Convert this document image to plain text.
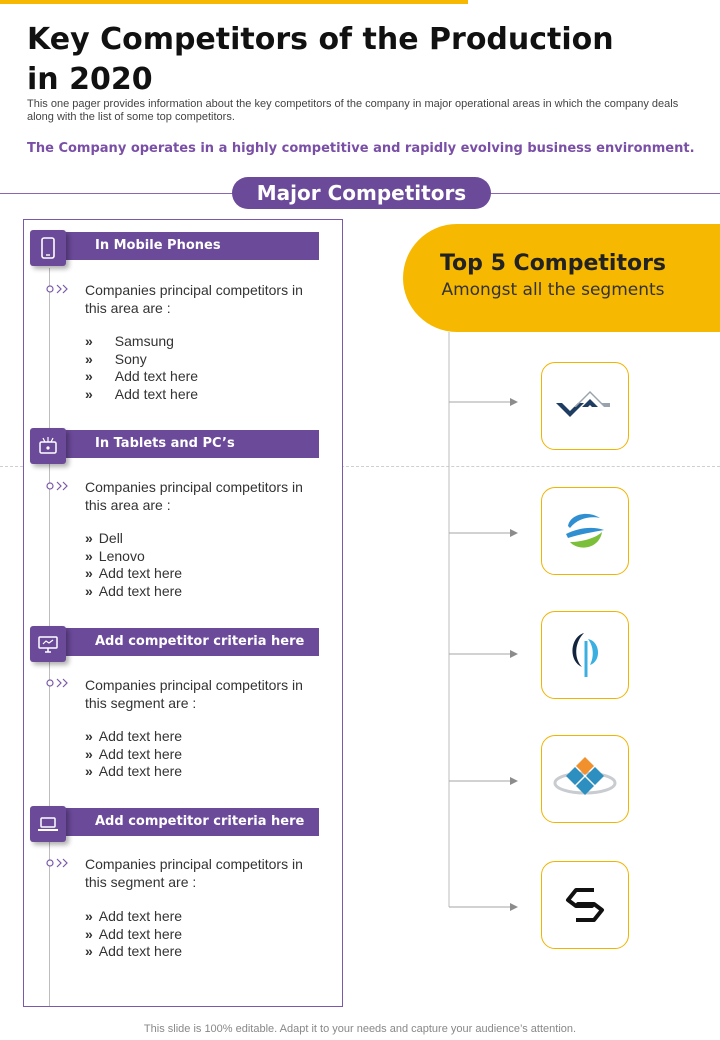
Key Competitors of the Production in 2020
This one pager provides information about the key competitors of the company in major operational areas in which the company deals along with the list of some top competitors.
The Company operates in a highly competitive and rapidly evolving business environment.
Major Competitors
In Mobile Phones
Companies principal competitors in this area are :
» Samsung
» Sony
» Add text here
» Add text here
In Tablets and PC’s
Companies principal competitors in this area are :
» Dell
» Lenovo
» Add text here
» Add text here
Add competitor criteria here
Companies principal competitors in this segment are :
» Add text here
» Add text here
» Add text here
Add competitor criteria here
Companies principal competitors in this segment are :
» Add text here
» Add text here
» Add text here
Top 5 Competitors
Amongst all the segments
This slide is 100% editable. Adapt it to your needs and capture your audience’s attention.
